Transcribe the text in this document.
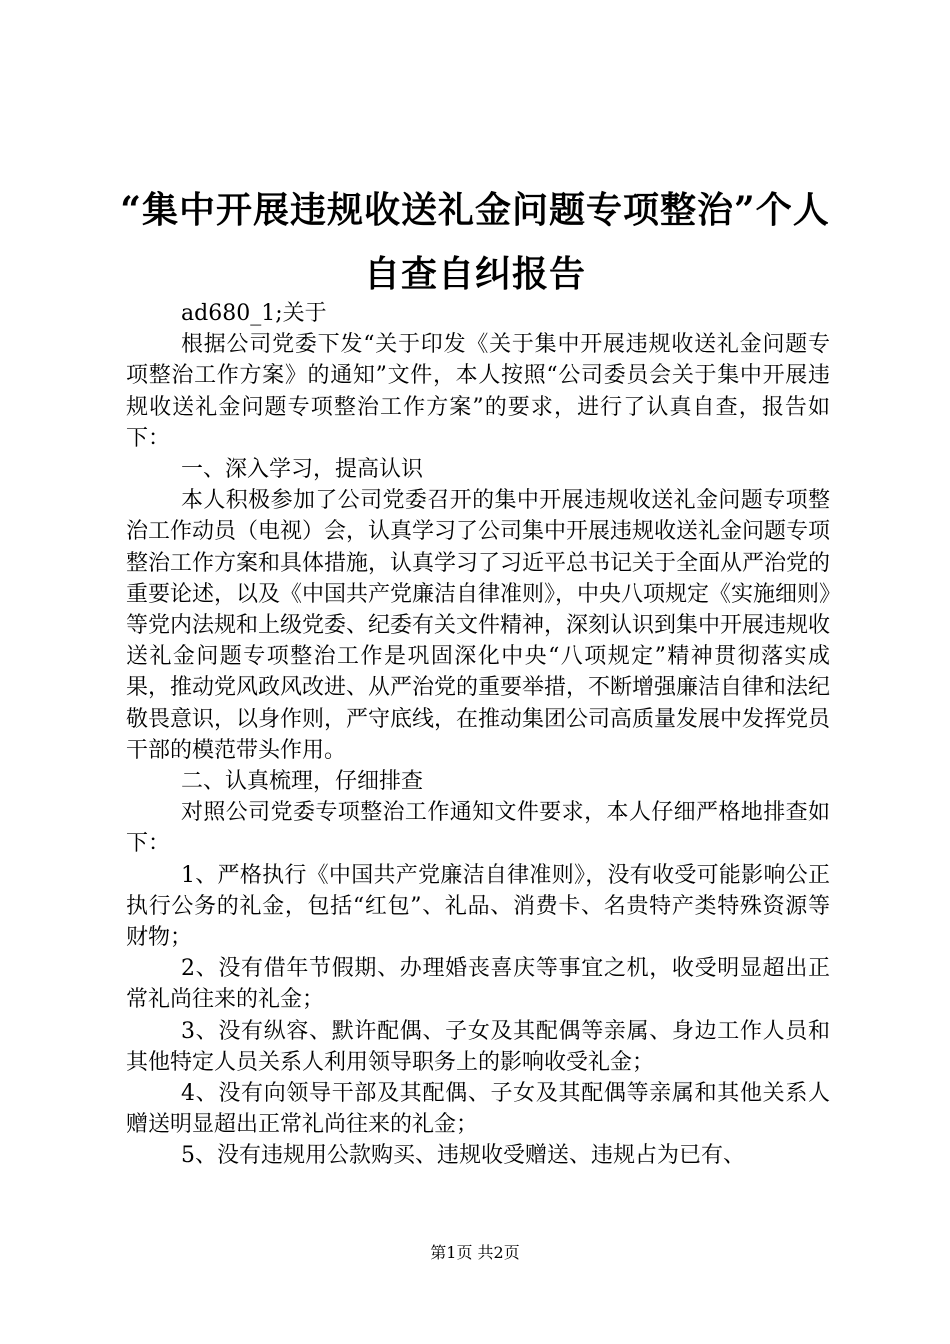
“集中开展违规收送礼金问题专项整治”个人
自查自纠报告

ad680_1;关于

根据公司党委下发“关于印发《关于集中开展违规收送礼金问题专项整治工作方案》的通知”文件，本人按照“公司委员会关于集中开展违规收送礼金问题专项整治工作方案”的要求，进行了认真自查，报告如下：

一、深入学习，提高认识

本人积极参加了公司党委召开的集中开展违规收送礼金问题专项整治工作动员（电视）会，认真学习了公司集中开展违规收送礼金问题专项整治工作方案和具体措施，认真学习了习近平总书记关于全面从严治党的重要论述，以及《中国共产党廉洁自律准则》，中央八项规定《实施细则》等党内法规和上级党委、纪委有关文件精神，深刻认识到集中开展违规收送礼金问题专项整治工作是巩固深化中央“八项规定”精神贯彻落实成果，推动党风政风改进、从严治党的重要举措，不断增强廉洁自律和法纪敬畏意识，以身作则，严守底线，在推动集团公司高质量发展中发挥党员干部的模范带头作用。

二、认真梳理，仔细排查

对照公司党委专项整治工作通知文件要求，本人仔细严格地排查如下：

1、严格执行《中国共产党廉洁自律准则》，没有收受可能影响公正执行公务的礼金，包括“红包”、礼品、消费卡、名贵特产类特殊资源等财物；

2、没有借年节假期、办理婚丧喜庆等事宜之机，收受明显超出正常礼尚往来的礼金；

3、没有纵容、默许配偶、子女及其配偶等亲属、身边工作人员和其他特定人员关系人利用领导职务上的影响收受礼金；

4、没有向领导干部及其配偶、子女及其配偶等亲属和其他关系人赠送明显超出正常礼尚往来的礼金；

5、没有违规用公款购买、违规收受赠送、违规占为已有、

第1页 共2页
